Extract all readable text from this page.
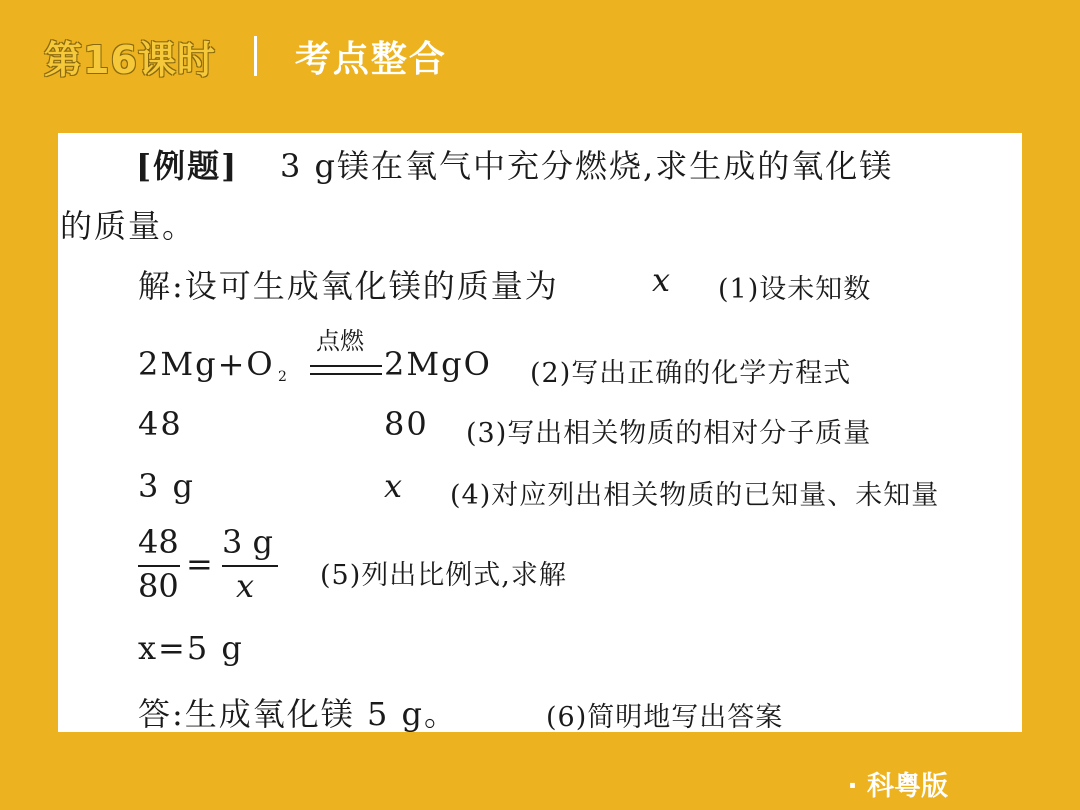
第16课时 考点整合
[例题] 3 g镁在氧气中充分燃烧,求生成的氧化镁
的质量。
解:设可生成氧化镁的质量为	x (1)设未知数
点燃
2Mg+O 2	2MgO (2)写出正确的化学方程式
48	80 (3)写出相关物质的相对分子质量
3 g	x (4)对应列出相关物质的已知量、未知量
48
80
=
3 g
x (5)列出比例式,求解
x=5 g
答:生成氧化镁 5 g。	(6)简明地写出答案
· 科粤版
